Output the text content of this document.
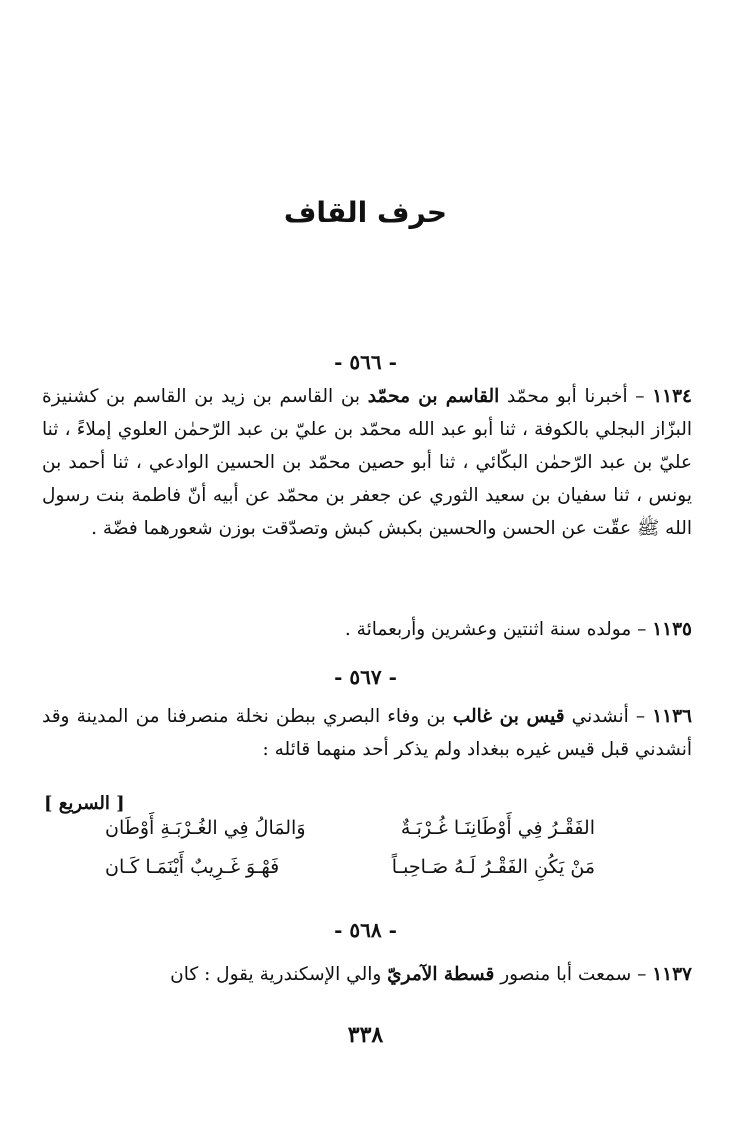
حرف القاف
- ٥٦٦ -

١١٣٤ – أخبرنا أبو محمّد القاسم بن محمّد بن القاسم بن زيد بن القاسم بن كشنيزة البزّاز البجلي بالكوفة ، ثنا أبو عبد الله محمّد بن عليّ بن عبد الرّحمٰن العلوي إملاءً ، ثنا عليّ بن عبد الرّحمٰن البكّائي ، ثنا أبو حصين محمّد بن الحسين الوادعي ، ثنا أحمد بن يونس ، ثنا سفيان بن سعيد الثوري عن جعفر بن محمّد عن أبيه أنّ فاطمة بنت رسول الله ﷺ عقّت عن الحسن والحسين بكبش كبش وتصدّقت بوزن شعورهما فضّة .

١١٣٥ – مولده سنة اثنتين وعشرين وأربعمائة .

- ٥٦٧ -

١١٣٦ – أنشدني قيس بن غالب بن وفاء البصري ببطن نخلة منصرفنا من المدينة وقد أنشدني قبل قيس غيره ببغداد ولم يذكر أحد منهما قائله :

[ السريع ]
الفَقْـرُ فِي أَوْطَانِنَـا غُـرْبَـةٌ
وَالمَالُ فِي الغُـرْبَـةِ أَوْطَان
مَنْ يَكُنِ الفَقْـرُ لَـهُ صَـاحِبـاً
فَهْـوَ غَـرِيبٌ أَيْنَمَـا كَـان
- ٥٦٨ -

١١٣٧ – سمعت أبا منصور قسطة الآمريّ والي الإسكندرية يقول : كان

٣٣٨
